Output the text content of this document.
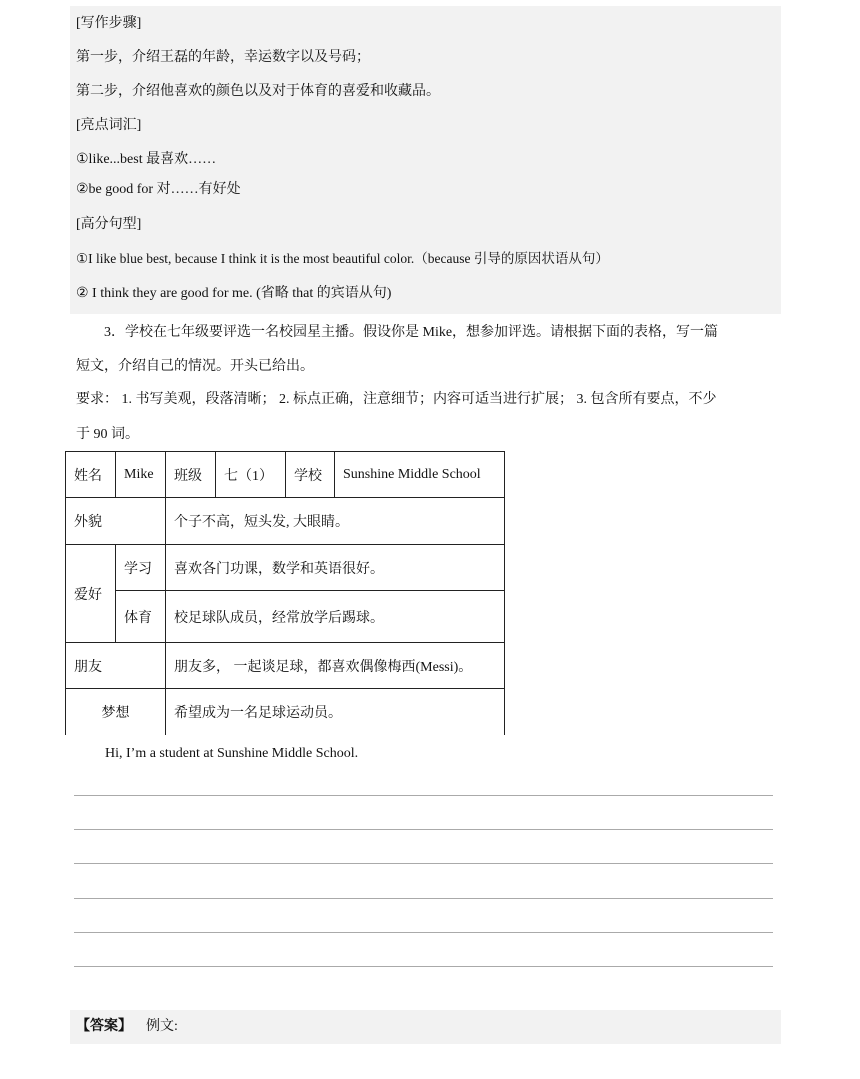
[写作步骤]
第一步，介绍王磊的年龄，幸运数字以及号码；
第二步，介绍他喜欢的颜色以及对于体育的喜爱和收藏品。
[亮点词汇]
①like...best 最喜欢……
②be good for 对……有好处
[高分句型]
①I like blue best, because I think it is the most beautiful color.（because 引导的原因状语从句）
② I think they are good for me. (省略 that 的宾语从句)
3．学校在七年级要评选一名校园星主播。假设你是 Mike，想参加评选。请根据下面的表格，写一篇
短文，介绍自己的情况。开头已给出。
要求： 1. 书写美观，段落清晰； 2. 标点正确，注意细节；内容可适当进行扩展； 3. 包含所有要点，不少
于 90 词。
姓名	Mike	班级	七（1）	学校	Sunshine Middle School
外貌		个子不高，短头发, 大眼睛。			
爱好	学习	喜欢各门功课，数学和英语很好。			
	体育	校足球队成员，经常放学后踢球。			
朋友		朋友多， 一起谈足球，都喜欢偶像梅西(Messi)。			
梦想		希望成为一名足球运动员。			
Hi, I’m a student at Sunshine Middle School.
【答案】 例文:
